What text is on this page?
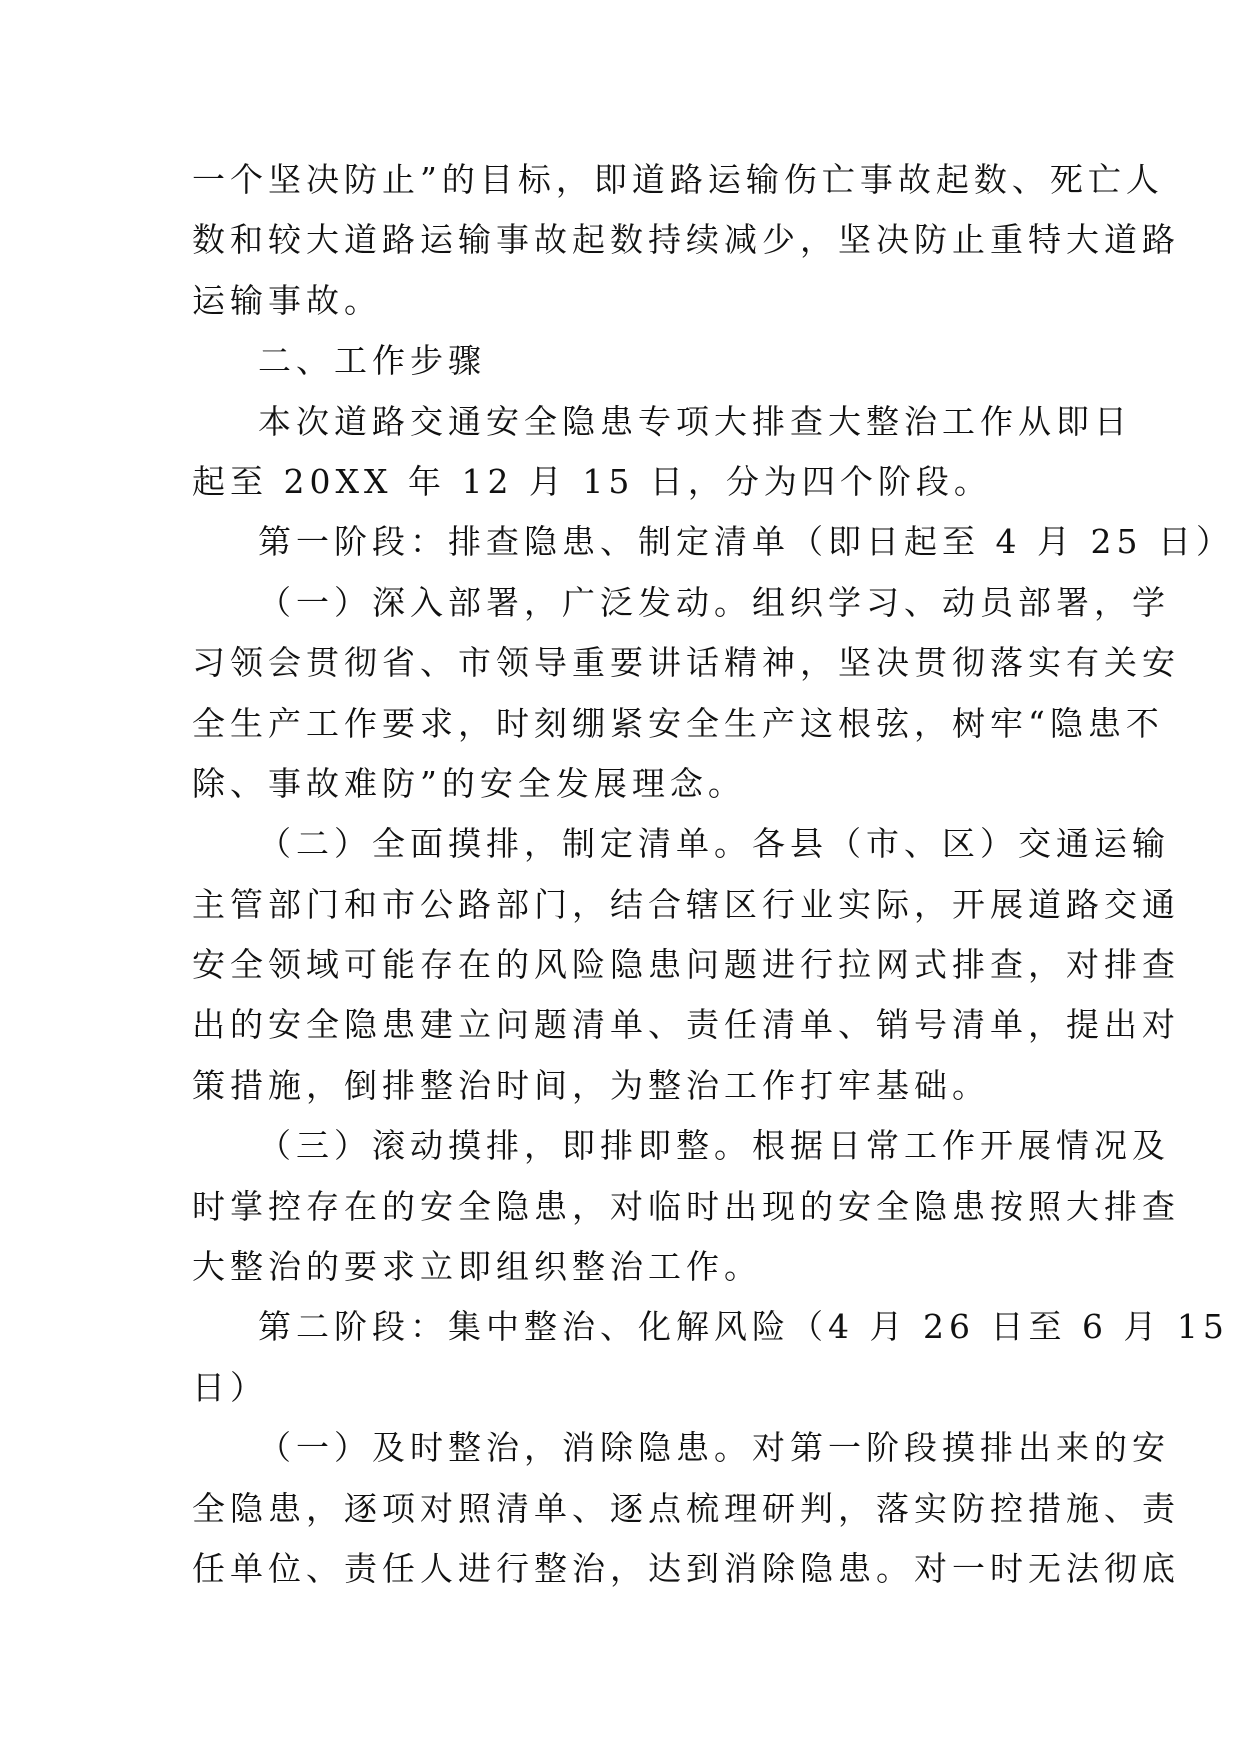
一个坚决防止”的目标，即道路运输伤亡事故起数、死亡人
数和较大道路运输事故起数持续减少，坚决防止重特大道路
运输事故。
二、工作步骤
本次道路交通安全隐患专项大排查大整治工作从即日
起至 20XX 年 12 月 15 日，分为四个阶段。
第一阶段：排查隐患、制定清单（即日起至 4 月 25 日）
（一）深入部署，广泛发动。组织学习、动员部署，学
习领会贯彻省、市领导重要讲话精神，坚决贯彻落实有关安
全生产工作要求，时刻绷紧安全生产这根弦，树牢“隐患不
除、事故难防”的安全发展理念。
（二）全面摸排，制定清单。各县（市、区）交通运输
主管部门和市公路部门，结合辖区行业实际，开展道路交通
安全领域可能存在的风险隐患问题进行拉网式排查，对排查
出的安全隐患建立问题清单、责任清单、销号清单，提出对
策措施，倒排整治时间，为整治工作打牢基础。
（三）滚动摸排，即排即整。根据日常工作开展情况及
时掌控存在的安全隐患，对临时出现的安全隐患按照大排查
大整治的要求立即组织整治工作。
第二阶段：集中整治、化解风险（4 月 26 日至 6 月 15
日）
（一）及时整治，消除隐患。对第一阶段摸排出来的安
全隐患，逐项对照清单、逐点梳理研判，落实防控措施、责
任单位、责任人进行整治，达到消除隐患。对一时无法彻底
